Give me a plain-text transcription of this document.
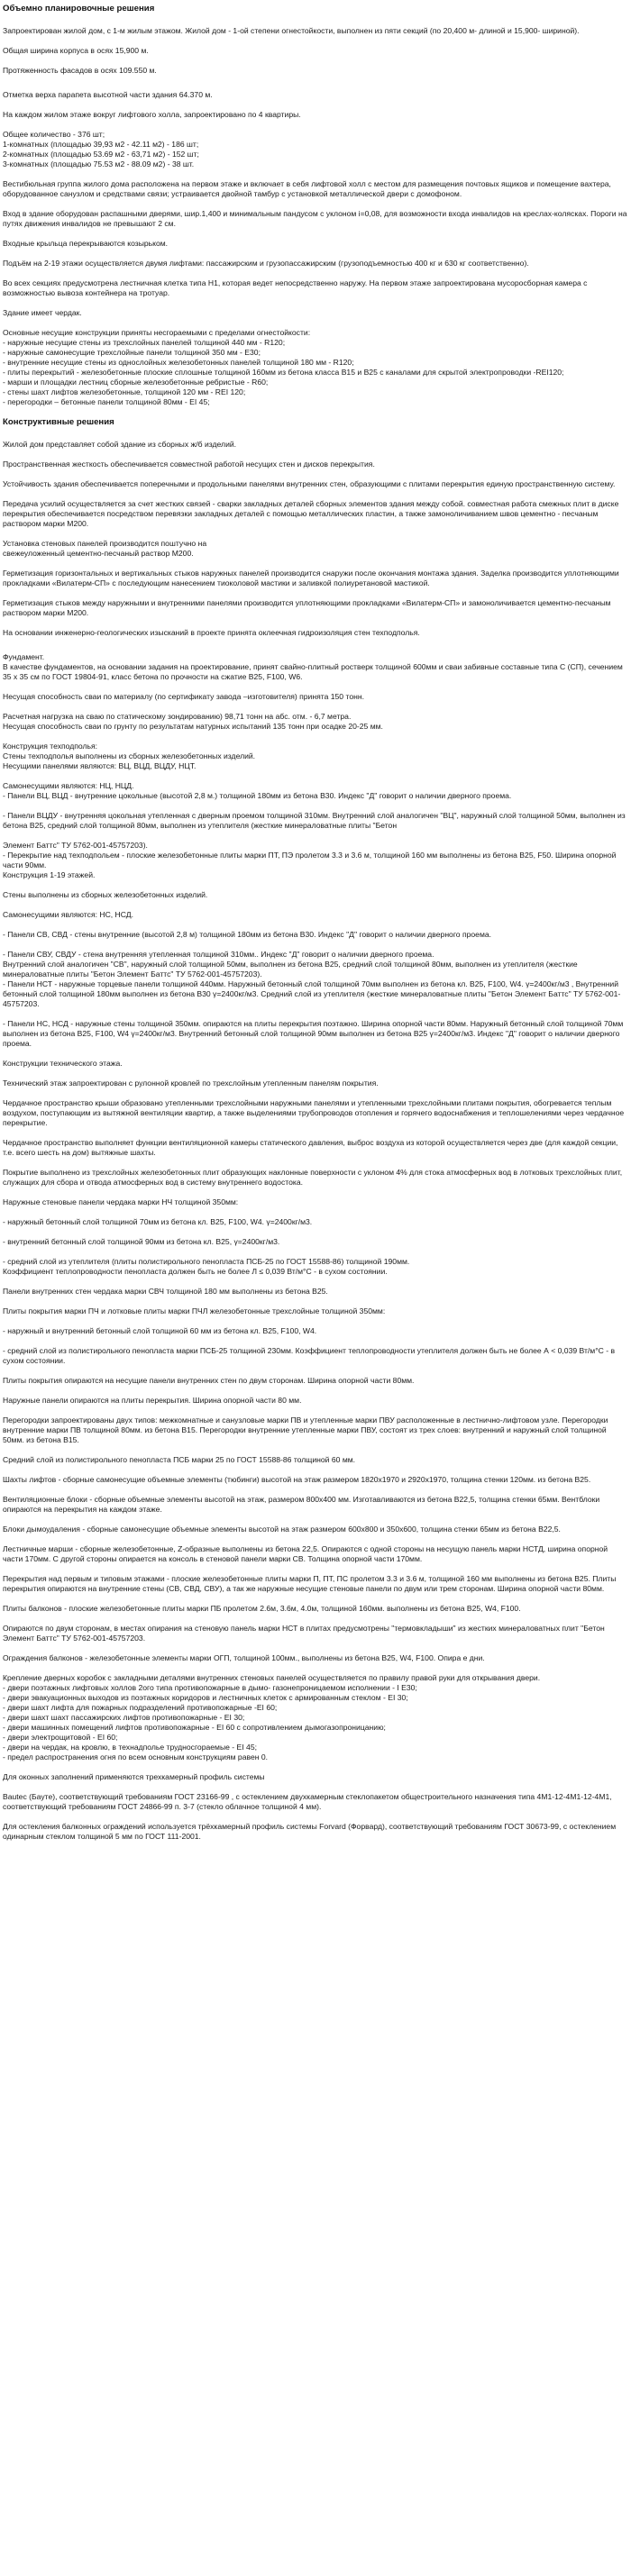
Объемно планировочные решения

Запроектирован жилой дом, с 1-м жилым этажом. Жилой дом - 1-ой степени огнестойкости, выполнен из пяти секций (по 20,400 м- длиной и 15,900- шириной).

Общая ширина корпуса в осях 15,900 м.

Протяженность фасадов в осях 109.550 м.

Отметка верха парапета высотной части здания 64.370 м.

На каждом жилом этаже вокруг лифтового холла, запроектировано по 4 квартиры.

Общее количество - 376 шт;
1-комнатных (площадью 39,93 м2 - 42.11 м2) - 186 шт;
2-комнатных (площадью 53.69 м2 - 63,71 м2) - 152 шт;
3-комнатных (площадью 75.53 м2 - 88.09 м2) - 38 шт.

Вестибюльная группа жилого дома расположена на первом этаже и включает в себя лифтовой холл с местом для размещения почтовых ящиков и помещение вахтера, оборудованное санузлом и средствами связи; устраивается двойной тамбур с установкой металлической двери с домофоном.

Вход в здание оборудован распашными дверями, шир.1,400 и минимальным пандусом с уклоном i=0,08, для возможности входа инвалидов на креслах-колясках. Пороги на путях движения инвалидов не превышают 2 см.

Входные крыльца перекрываются козырьком.

Подъём на 2-19 этажи осуществляется двумя лифтами: пассажирским и грузопассажирским (грузоподъемностью 400 кг и 630 кг соответственно).

Во всех секциях предусмотрена лестничная клетка типа Н1, которая ведет непосредственно наружу. На первом этаже запроектирована мусоросборная камера с возможностью вывоза контейнера на тротуар.

Здание имеет чердак.

Основные несущие конструкции приняты несгораемыми с пределами огнестойкости:
- наружные несущие стены из трехслойных панелей толщиной 440 мм - R120;
- наружные самонесущие трехслойные панели толщиной 350 мм - E30;
- внутренние несущие стены из однослойных железобетонных панелей толщиной 180 мм - R120;
- плиты перекрытий - железобетонные плоские сплошные толщиной 160мм из бетона класса В15 и В25 с каналами для скрытой электропроводки -REI120;
- марши и площадки лестниц сборные железобетонные ребристые - R60;
- стены шахт лифтов железобетонные, толщиной 120 мм - REI 120;
- перегородки – бетонные панели толщиной 80мм - EI 45;

Конструктивные решения

Жилой дом представляет собой здание из сборных ж/б изделий.

Пространственная жесткость обеспечивается совместной работой несущих стен и дисков перекрытия.

Устойчивость здания обеспечивается поперечными и продольными панелями внутренних стен, образующими с плитами перекрытия единую пространственную систему.

Передача усилий осуществляется за счет жестких связей - сварки закладных деталей сборных элементов здания между собой. совместная работа смежных плит в диске перекрытия обеспечивается посредством перевязки закладных деталей с помощью металлических пластин, а также замоноличиванием швов цементно - песчаным раствором марки М200.

Установка стеновых панелей производится поштучно на
свежеуложенный цементно-песчаный раствор М200.

Герметизация горизонтальных и вертикальных стыков наружных панелей производится снаружи после окончания монтажа здания. Заделка производится уплотняющими прокладками «Вилатерм-СП» с последующим нанесением тиоколовой мастики и заливкой полиуретановой мастикой.

Герметизация стыков между наружными и внутренними панелями производится уплотняющими прокладками «Вилатерм-СП» и замоноличивается цементно-песчаным раствором марки М200.

На основании инженерно-геологических изысканий в проекте принята оклеечная гидроизоляция стен техподполья.

Фундамент.
В качестве фундаментов, на основании задания на проектирование, принят свайно-плитный ростверк толщиной 600мм и сваи забивные составные типа С (СП), сечением 35 х 35 см по ГОСТ 19804-91, класс бетона по прочности на сжатие В25, F100, W6.

Несущая способность сваи по материалу (по сертификату завода –изготовителя) принята 150 тонн.

Расчетная нагрузка на сваю по статическому зондированию) 98,71 тонн на абс. отм. - 6,7 метра.
Несущая способность сваи по грунту по результатам натурных испытаний 135 тонн при осадке 20-25 мм.

Конструкция техподполья:
Стены техподполья выполнены из сборных железобетонных изделий.
Несущими панелями являются: ВЦ, ВЦД, ВЦДУ, НЦТ.

Самонесущими являются: НЦ, НЦД.
- Панели ВЦ, ВЦД - внутренние цокольные (высотой 2,8 м.) толщиной 180мм из бетона В30. Индекс "Д" говорит о наличии дверного проема.

- Панели ВЦДУ - внутренняя цокольная утепленная с дверным проемом толщиной 310мм. Внутренний слой аналогичен "ВЦ", наружный слой толщиной 50мм, выполнен из бетона В25, средний слой толщиной 80мм, выполнен из утеплителя (жесткие минераловатные плиты "Бетон

Элемент Баттс" ТУ 5762-001-45757203).
- Перекрытие над техподпольем - плоские железобетонные плиты марки ПТ, ПЭ пролетом 3.3 и 3.6 м, толщиной 160 мм выполнены из бетона В25, F50. Ширина опорной части 90мм.
Конструкция 1-19 этажей.

Стены выполнены из сборных железобетонных изделий.

Самонесущими являются: НС, НСД.

- Панели СВ, СВД - стены внутренние (высотой 2,8 м) толщиной 180мм из бетона В30. Индекс "Д" говорит о наличии дверного проема.

- Панели СВУ, СВДУ - стена внутренняя утепленная толщиной 310мм.. Индекс "Д" говорит о наличии дверного проема.
Внутренний слой аналогичен "СВ", наружный слой толщиной 50мм, выполнен из бетона В25, средний слой толщиной 80мм, выполнен из утеплителя (жесткие минераловатные плиты "Бетон Элемент Баттс" ТУ 5762-001-45757203).
- Панели НСТ - наружные торцевые панели толщиной 440мм. Наружный бетонный слой толщиной 70мм выполнен из бетона кл. В25, F100, W4. γ=2400кг/м3 , Внутренний бетонный слой толщиной 180мм выполнен из бетона В30 γ=2400кг/м3. Средний слой из утеплителя (жесткие минераловатные плиты "Бетон Элемент Баттс" ТУ 5762-001-45757203.

- Панели НС, НСД - наружные стены толщиной 350мм. опираются на плиты перекрытия поэтажно. Ширина опорной части 80мм. Наружный бетонный слой толщиной 70мм выполнен из бетона В25, F100, W4 γ=2400кг/м3. Внутренний бетонный слой толщиной 90мм выполнен из бетона В25 γ=2400кг/м3. Индекс "Д" говорит о наличии дверного проема.

Конструкции технического этажа.

Технический этаж запроектирован с рулонной кровлей по трехслойным утепленным панелям покрытия.

Чердачное пространство крыши образовано утепленными трехслойными наружными панелями и утепленными трехслойными плитами покрытия, обогревается теплым воздухом, поступающим из вытяжной вентиляции квартир, а также выделениями трубопроводов отопления и горячего водоснабжения и теплошелениями через чердачное перекрытие.

Чердачное пространство выполняет функции вентиляционной камеры статического давления, выброс воздуха из которой осуществляется через две (для каждой секции, т.е. всего шесть на дом) вытяжные шахты.

Покрытие выполнено из трехслойных железобетонных плит образующих наклонные поверхности с уклоном 4% для стока атмосферных вод в лотковых трехслойных плит, служащих для сбора и отвода атмосферных вод в систему внутреннего водостока.

Наружные стеновые панели чердака марки НЧ толщиной 350мм:

- наружный бетонный слой толщиной 70мм из бетона кл. В25, F100, W4. γ=2400кг/м3.

- внутренний бетонный слой толщиной 90мм из бетона кл. В25, γ=2400кг/м3.

- средний слой из утеплителя (плиты полистирольного пенопласта ПСБ-25 по ГОСТ 15588-86) толщиной 190мм.
Коэффициент теплопроводности пенопласта должен быть не более Л ≤ 0,039 Вт/м°С - в сухом состоянии.

Панели внутренних стен чердака марки СВЧ толщиной 180 мм выполнены из бетона В25.

Плиты покрытия марки ПЧ и лотковые плиты марки ПЧЛ железобетонные трехслойные толщиной 350мм:

- наружный и внутренний бетонный слой толщиной 60 мм из бетона кл. В25, F100, W4.

- средний слой из полистирольного пенопласта марки ПСБ-25 толщиной 230мм. Коэффициент теплопроводности утеплителя должен быть не более А < 0,039 Вт/м°С - в сухом состоянии.

Плиты покрытия опираются на несущие панели внутренних стен по двум сторонам. Ширина опорной части 80мм.

Наружные панели опираются на плиты перекрытия. Ширина опорной части 80 мм.

Перегородки запроектированы двух типов: межкомнатные и санузловые марки ПВ и утепленные марки ПВУ расположенные в лестнично-лифтовом узле. Перегородки внутренние марки ПВ толщиной 80мм. из бетона В15. Перегородки внутренние утепленные марки ПВУ, состоят из трех слоев: внутренний и наружный слой толщиной 50мм. из бетона В15.

Средний слой из полистирольного пенопласта ПСБ марки 25 по ГОСТ 15588-86 толщиной 60 мм.

Шахты лифтов - сборные самонесущие объемные элементы (тюбинги) высотой на этаж размером 1820х1970 и 2920х1970, толщина стенки 120мм. из бетона В25.

Вентиляционные блоки - сборные объемные элементы высотой на этаж, размером 800х400 мм. Изготавливаются из бетона В22,5, толщина стенки 65мм. Вентблоки опираются на перекрытия на каждом этаже.

Блоки дымоудаления - сборные самонесущие объемные элементы высотой на этаж размером 600х800 и 350х600, толщина стенки 65мм из бетона В22,5.

Лестничные марши - сборные железобетонные, Z-образные выполнены из бетона 22,5. Опираются с одной стороны на несущую панель марки НСТД, ширина опорной части 170мм. С другой стороны опирается на консоль в стеновой панели марки СВ. Толщина опорной части 170мм.

Перекрытия над первым и типовым этажами - плоские железобетонные плиты марки П, ПТ, ПС пролетом 3.3 и 3.6 м, толщиной 160 мм выполнены из бетона В25. Плиты перекрытия опираются на внутренние стены (СВ, СВД, СВУ), а так же наружные несущие стеновые панели по двум или трем сторонам. Ширина опорной части 80мм.

Плиты балконов - плоские железобетонные плиты марки ПБ пролетом 2.6м, 3.6м, 4.0м, толщиной 160мм. выполнены из бетона В25, W4, F100.

Опираются по двум сторонам, в местах опирания на стеновую панель марки НСТ в плитах предусмотрены "термовкладыши" из жестких минераловатных плит "Бетон Элемент Баттс" ТУ 5762-001-45757203.

Ограждения балконов - железобетонные элементы марки ОГП, толщиной 100мм., выполнены из бетона В25, W4, F100. Опира е дни.

Крепление дверных коробок с закладными деталями внутренних стеновых панелей осуществляется по правилу правой руки для открывания двери.
- двери поэтажных лифтовых холлов 2ого типа противопожарные в дымо- газонепроницаемом исполнении - I E30;
- двери эвакуационных выходов из поэтажных коридоров и лестничных клеток с армированным стеклом - EI 30;
- двери шахт лифта для пожарных подразделений противопожарные -EI 60;
- двери шахт шахт пассажирских лифтов противопожарные - EI 30;
- двери машинных помещений лифтов противопожарные - EI 60 с сопротивлением дымогазопроницанию;
- двери электрощитовой - EI 60;
- двери на чердак, на кровлю, в технадполье трудносгораемые - EI 45;
- предел распространения огня по всем основным конструкциям равен 0.

Для оконных заполнений применяются трехкамерный профиль системы

Bauteс (Бауте), соответствующий требованиям ГОСТ 23166-99 , с остеклением двухкамерным стеклопакетом общестроительного назначения типа 4М1-12-4М1-12-4М1, соответствующий требованиям ГОСТ 24866-99 п. 3-7 (стекло облачное толщиной 4 мм).

Для остекления балконных ограждений используется трёхкамерный профиль системы Forvard (Форвард), соответствующий требованиям ГОСТ 30673-99, с остеклением одинарным стеклом толщиной 5 мм по ГОСТ 111-2001.
